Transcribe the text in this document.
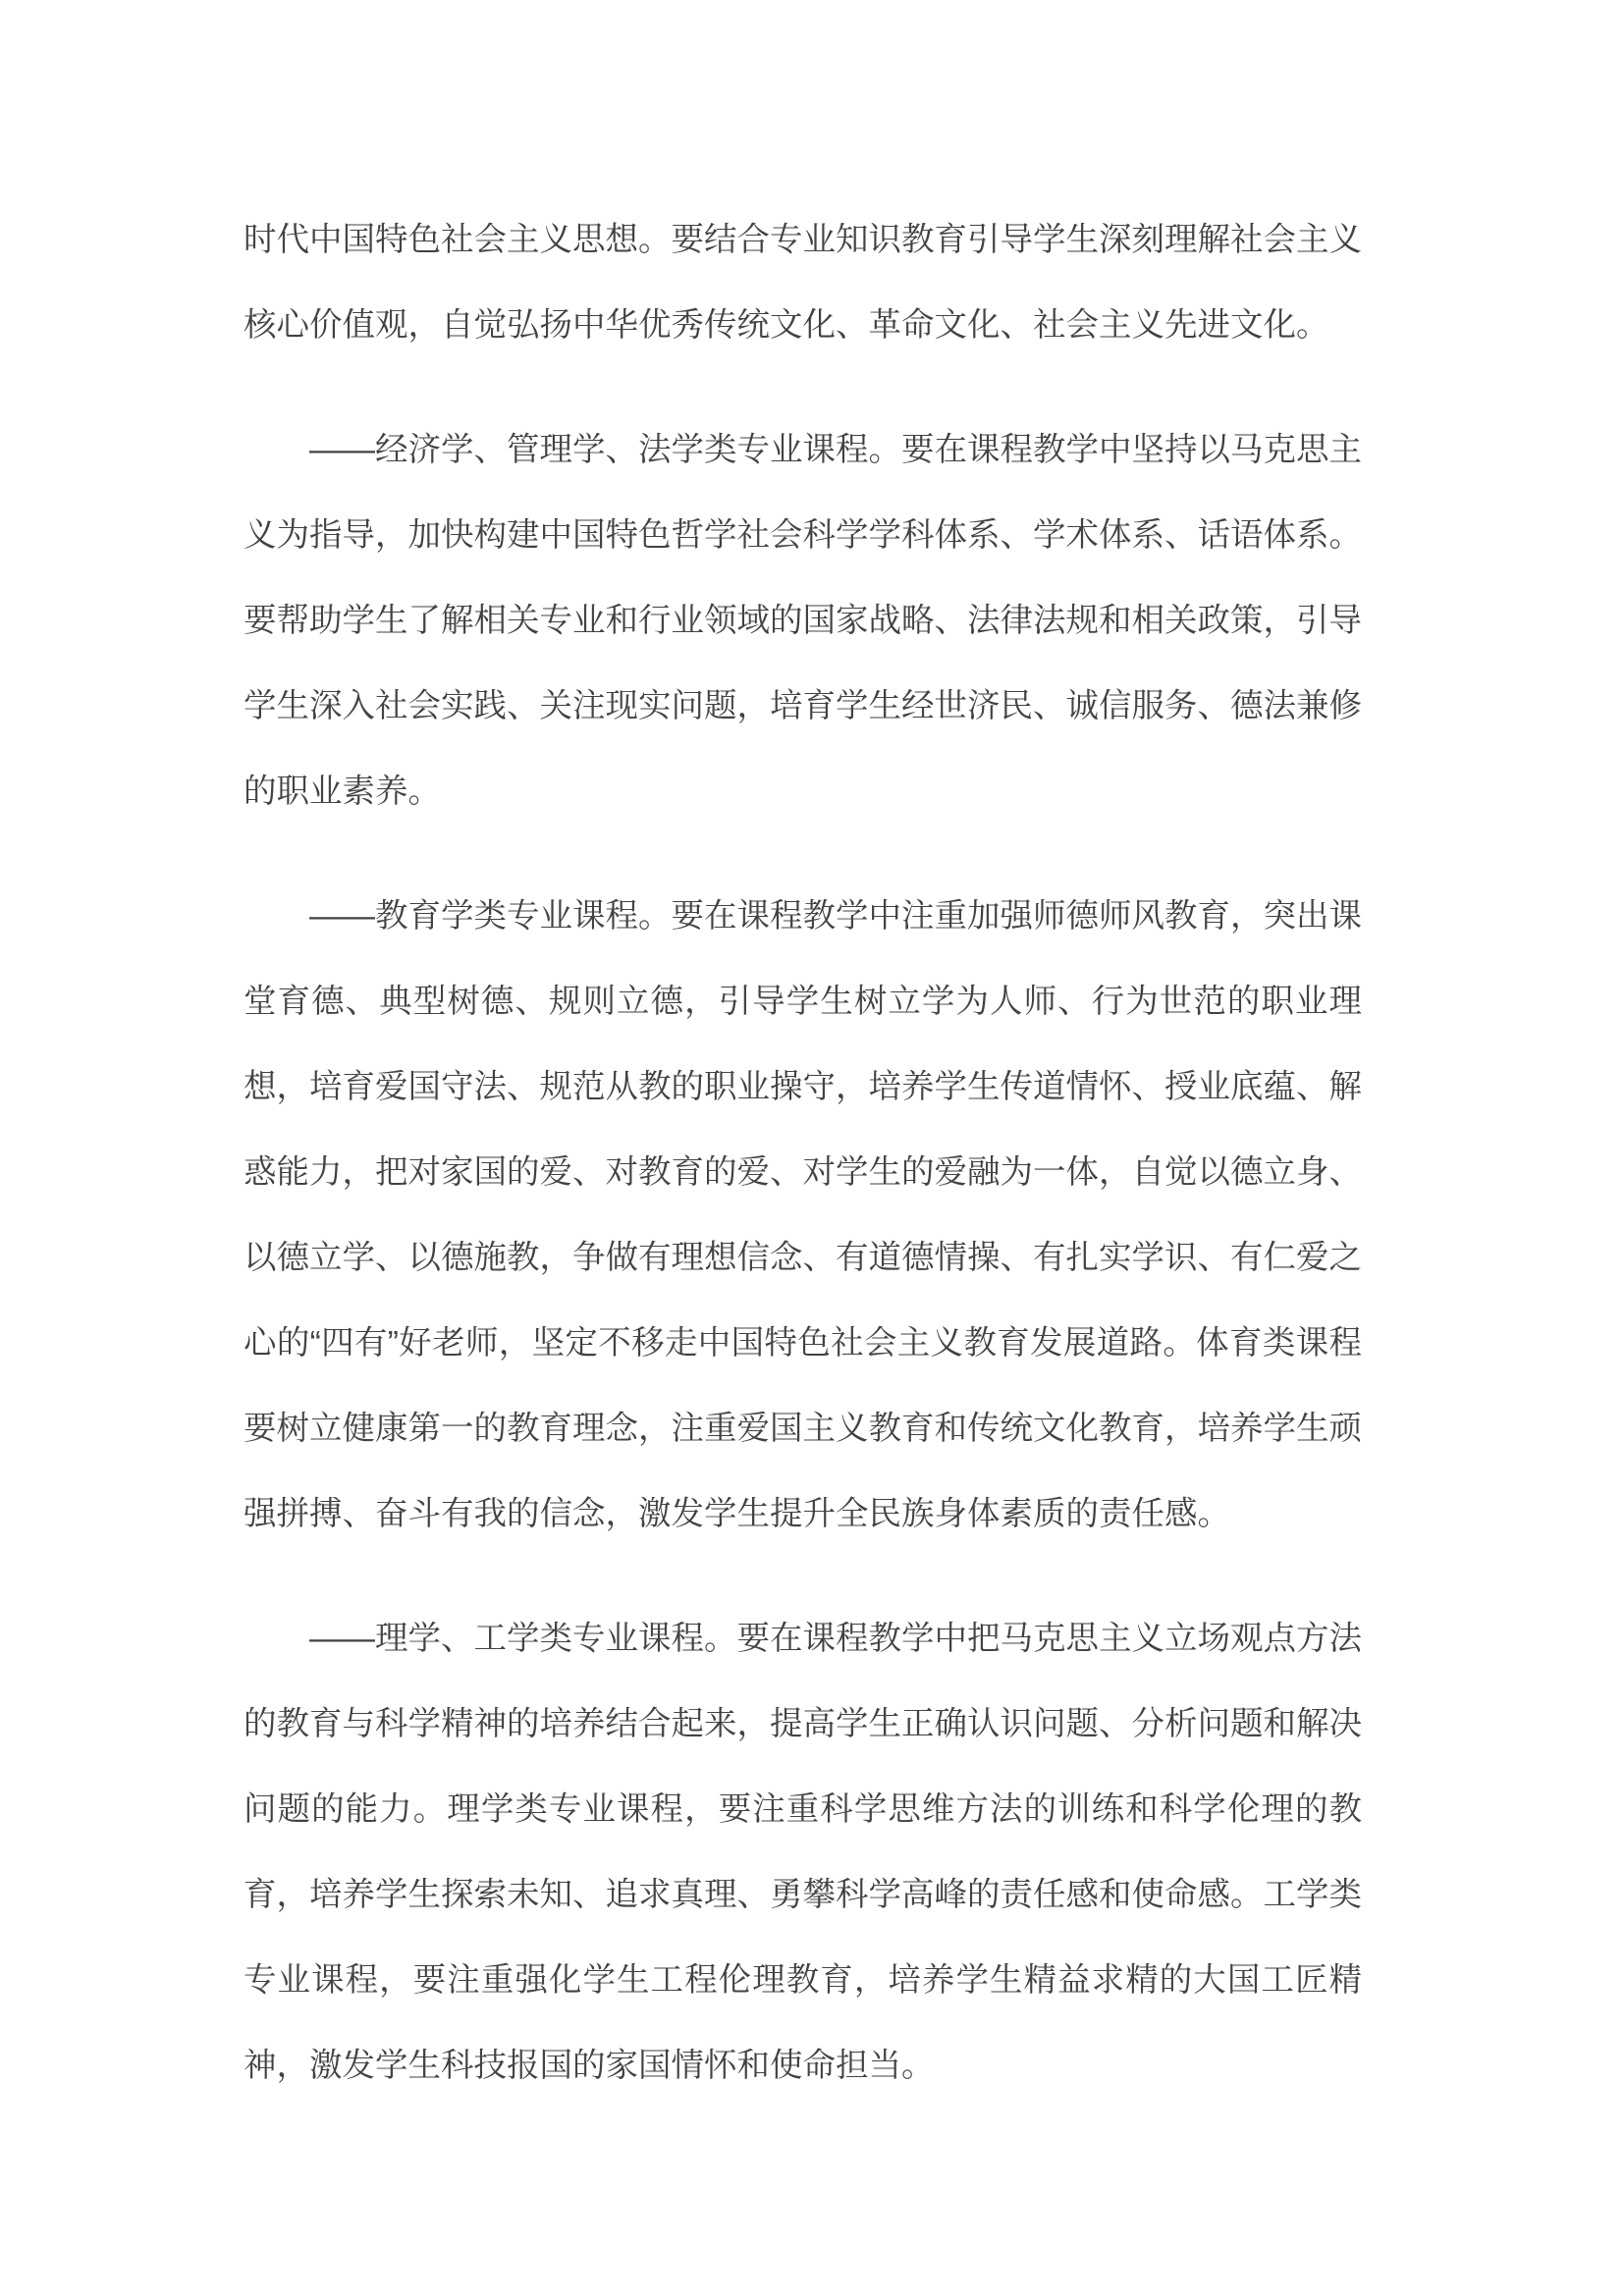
时代中国特色社会主义思想。要结合专业知识教育引导学生深刻理解社会主义核心价值观，自觉弘扬中华优秀传统文化、革命文化、社会主义先进文化。

——经济学、管理学、法学类专业课程。要在课程教学中坚持以马克思主义为指导，加快构建中国特色哲学社会科学学科体系、学术体系、话语体系。要帮助学生了解相关专业和行业领域的国家战略、法律法规和相关政策，引导学生深入社会实践、关注现实问题，培育学生经世济民、诚信服务、德法兼修的职业素养。

——教育学类专业课程。要在课程教学中注重加强师德师风教育，突出课堂育德、典型树德、规则立德，引导学生树立学为人师、行为世范的职业理想，培育爱国守法、规范从教的职业操守，培养学生传道情怀、授业底蕴、解惑能力，把对家国的爱、对教育的爱、对学生的爱融为一体，自觉以德立身、以德立学、以德施教，争做有理想信念、有道德情操、有扎实学识、有仁爱之心的“四有”好老师，坚定不移走中国特色社会主义教育发展道路。体育类课程要树立健康第一的教育理念，注重爱国主义教育和传统文化教育，培养学生顽强拼搏、奋斗有我的信念，激发学生提升全民族身体素质的责任感。

——理学、工学类专业课程。要在课程教学中把马克思主义立场观点方法的教育与科学精神的培养结合起来，提高学生正确认识问题、分析问题和解决问题的能力。理学类专业课程，要注重科学思维方法的训练和科学伦理的教育，培养学生探索未知、追求真理、勇攀科学高峰的责任感和使命感。工学类专业课程，要注重强化学生工程伦理教育，培养学生精益求精的大国工匠精神，激发学生科技报国的家国情怀和使命担当。
